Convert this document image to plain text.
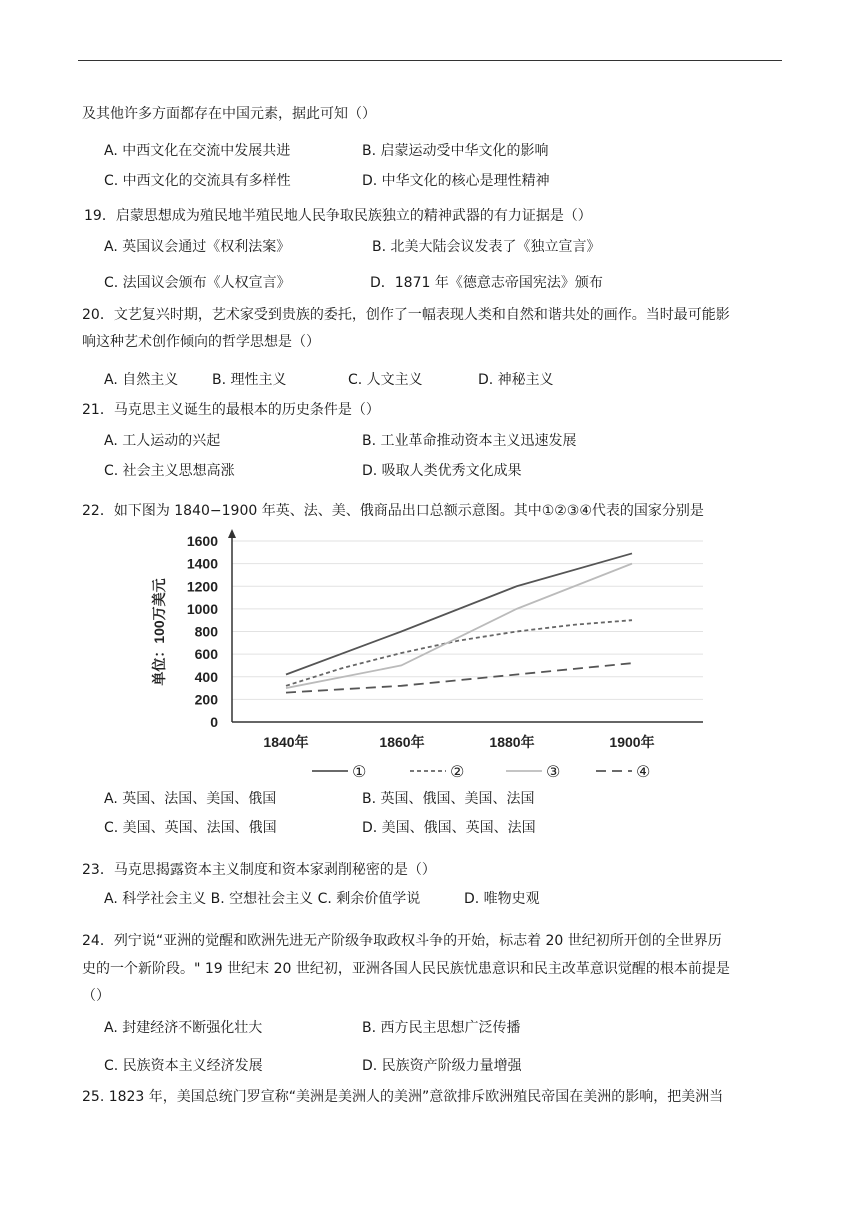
及其他许多方面都存在中国元素，据此可知（）
A. 中西文化在交流中发展共进	B. 启蒙运动受中华文化的影响
C. 中西文化的交流具有多样性	D. 中华文化的核心是理性精神
19．启蒙思想成为殖民地半殖民地人民争取民族独立的精神武器的有力证据是（）
A. 英国议会通过《权利法案》	B. 北美大陆会议发表了《独立宣言》
C. 法国议会颁布《人权宣言》	D．1871 年《德意志帝国宪法》颁布
20．文艺复兴时期，艺术家受到贵族的委托，创作了一幅表现人类和自然和谐共处的画作。当时最可能影
响这种艺术创作倾向的哲学思想是（）
A. 自然主义 B. 理性主义	C. 人文主义	D. 神秘主义
21．马克思主义诞生的最根本的历史条件是（）
A. 工人运动的兴起	B. 工业革命推动资本主义迅速发展
C. 社会主义思想高涨	D. 吸取人类优秀文化成果
22．如下图为 1840−1900 年英、法、美、俄商品出口总额示意图。其中①②③④代表的国家分别是
A. 英国、法国、美国、俄国	B. 英国、俄国、美国、法国
C. 美国、英国、法国、俄国	D. 美国、俄国、英国、法国
23．马克思揭露资本主义制度和资本家剥削秘密的是（）
A. 科学社会主义 B. 空想社会主义 C. 剩余价值学说	D. 唯物史观
24．列宁说“亚洲的觉醒和欧洲先进无产阶级争取政权斗争的开始，标志着 20 世纪初所开创的全世界历
史的一个新阶段。" 19 世纪末 20 世纪初，亚洲各国人民民族忧患意识和民主改革意识觉醒的根本前提是
（）
A. 封建经济不断强化壮大	B. 西方民主思想广泛传播
C. 民族资本主义经济发展	D. 民族资产阶级力量增强
25. 1823 年，美国总统门罗宣称“美洲是美洲人的美洲”意欲排斥欧洲殖民帝国在美洲的影响，把美洲当
0
200
400
600
800
1000
1200
1400
1600
1840年	1860年	1880年	1900年
单位：100万美元
①	②	③	④
